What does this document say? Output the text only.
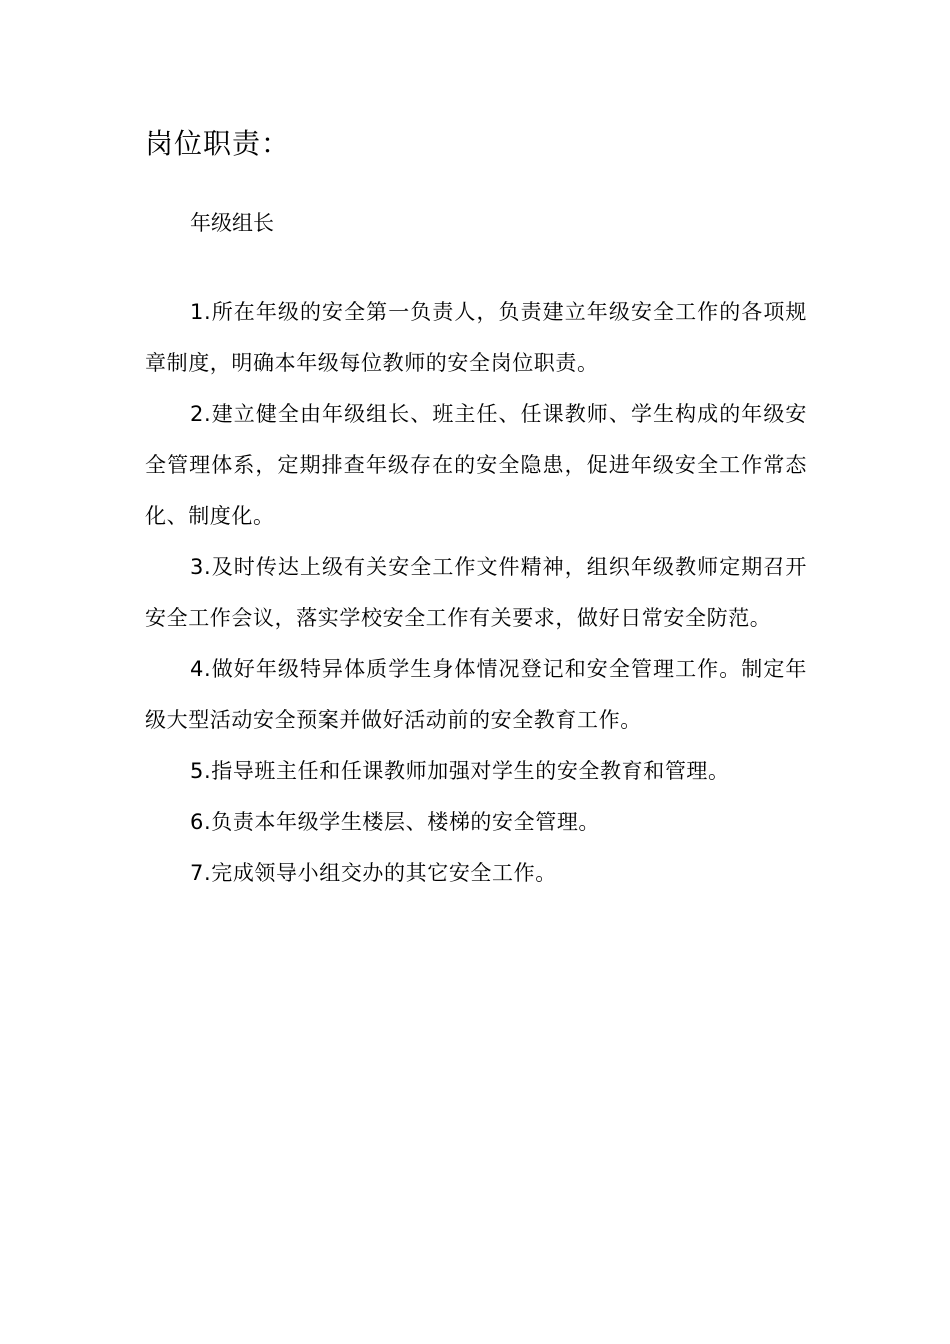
岗位职责：
年级组长

1.所在年级的安全第一负责人，负责建立年级安全工作的各项规章制度，明确本年级每位教师的安全岗位职责。

2.建立健全由年级组长、班主任、任课教师、学生构成的年级安全管理体系，定期排查年级存在的安全隐患，促进年级安全工作常态化、制度化。

3.及时传达上级有关安全工作文件精神，组织年级教师定期召开安全工作会议，落实学校安全工作有关要求，做好日常安全防范。

4.做好年级特异体质学生身体情况登记和安全管理工作。制定年级大型活动安全预案并做好活动前的安全教育工作。

5.指导班主任和任课教师加强对学生的安全教育和管理。

6.负责本年级学生楼层、楼梯的安全管理。

7.完成领导小组交办的其它安全工作。
